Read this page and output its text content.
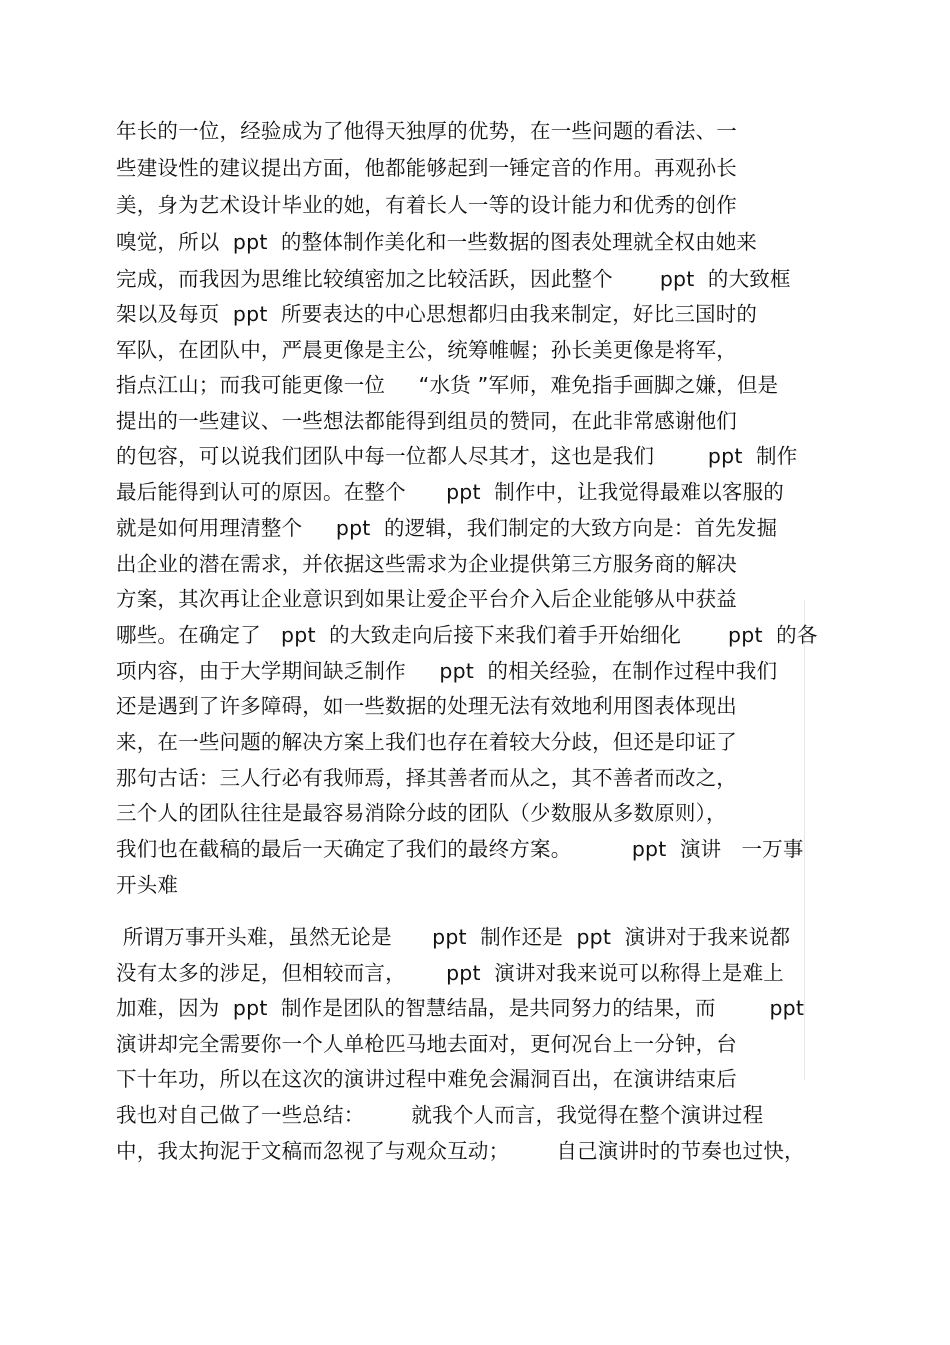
年长的一位，经验成为了他得天独厚的优势，在一些问题的看法、一
些建设性的建议提出方面，他都能够起到一锤定音的作用。再观孙长
美，身为艺术设计毕业的她，有着长人一等的设计能力和优秀的创作
嗅觉，所以  ppt  的整体制作美化和一些数据的图表处理就全权由她来
完成，而我因为思维比较缜密加之比较活跃，因此整个       ppt  的大致框
架以及每页  ppt  所要表达的中心思想都归由我来制定，好比三国时的
军队，在团队中，严晨更像是主公，统筹帷幄；孙长美更像是将军，
指点江山；而我可能更像一位     “水货 ”军师，难免指手画脚之嫌，但是
提出的一些建议、一些想法都能得到组员的赞同，在此非常感谢他们
的包容，可以说我们团队中每一位都人尽其才，这也是我们        ppt  制作
最后能得到认可的原因。在整个      ppt  制作中，让我觉得最难以客服的
就是如何用理清整个     ppt  的逻辑，我们制定的大致方向是：首先发掘
出企业的潜在需求，并依据这些需求为企业提供第三方服务商的解决
方案，其次再让企业意识到如果让爱企平台介入后企业能够从中获益
哪些。在确定了   ppt  的大致走向后接下来我们着手开始细化       ppt  的各
项内容，由于大学期间缺乏制作     ppt  的相关经验，在制作过程中我们
还是遇到了许多障碍，如一些数据的处理无法有效地利用图表体现出
来，在一些问题的解决方案上我们也存在着较大分歧，但还是印证了
那句古话：三人行必有我师焉，择其善者而从之，其不善者而改之，
三个人的团队往往是最容易消除分歧的团队（少数服从多数原则），
我们也在截稿的最后一天确定了我们的最终方案。         ppt  演讲   一万事
开头难
所谓万事开头难，虽然无论是      ppt  制作还是  ppt  演讲对于我来说都
没有太多的涉足，但相较而言，      ppt  演讲对我来说可以称得上是难上
加难，因为  ppt  制作是团队的智慧结晶，是共同努力的结果，而        ppt
演讲却完全需要你一个人单枪匹马地去面对，更何况台上一分钟，台
下十年功，所以在这次的演讲过程中难免会漏洞百出，在演讲结束后
我也对自己做了一些总结：       就我个人而言，我觉得在整个演讲过程
中，我太拘泥于文稿而忽视了与观众互动；       自己演讲时的节奏也过快，
